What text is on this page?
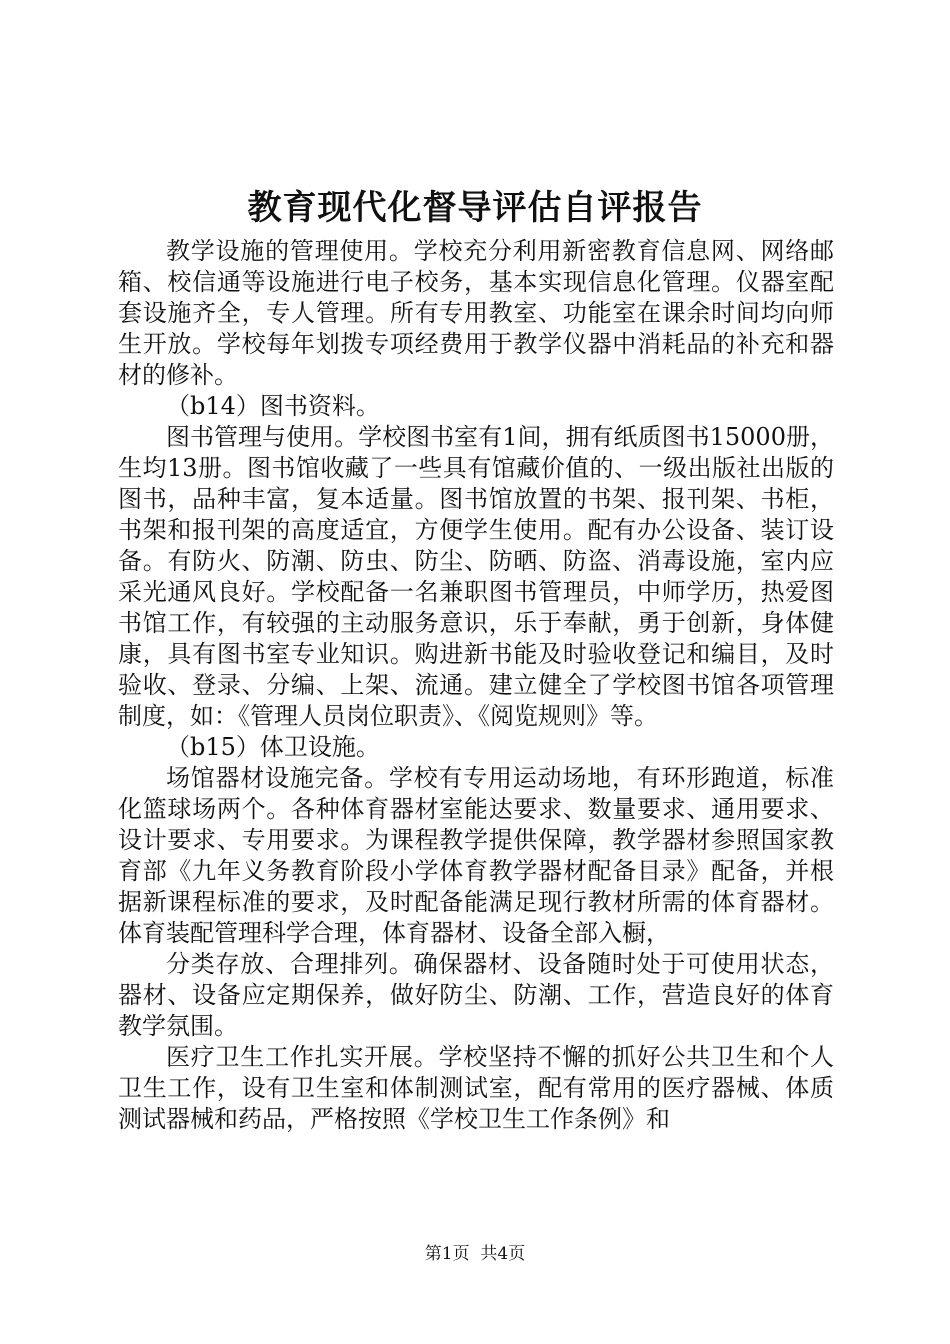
教育现代化督导评估自评报告

教学设施的管理使用。学校充分利用新密教育信息网、网络邮箱、校信通等设施进行电子校务，基本实现信息化管理。仪器室配套设施齐全，专人管理。所有专用教室、功能室在课余时间均向师生开放。学校每年划拨专项经费用于教学仪器中消耗品的补充和器材的修补。

（b14）图书资料。

图书管理与使用。学校图书室有1间，拥有纸质图书15000册，生均13册。图书馆收藏了一些具有馆藏价值的、一级出版社出版的图书，品种丰富，复本适量。图书馆放置的书架、报刊架、书柜，书架和报刊架的高度适宜，方便学生使用。配有办公设备、装订设备。有防火、防潮、防虫、防尘、防晒、防盗、消毒设施，室内应采光通风良好。学校配备一名兼职图书管理员，中师学历，热爱图书馆工作，有较强的主动服务意识，乐于奉献，勇于创新，身体健康，具有图书室专业知识。购进新书能及时验收登记和编目，及时验收、登录、分编、上架、流通。建立健全了学校图书馆各项管理制度，如：《管理人员岗位职责》、《阅览规则》等。

（b15）体卫设施。

场馆器材设施完备。学校有专用运动场地，有环形跑道，标准化篮球场两个。各种体育器材室能达要求、数量要求、通用要求、设计要求、专用要求。为课程教学提供保障，教学器材参照国家教育部《九年义务教育阶段小学体育教学器材配备目录》配备，并根据新课程标准的要求，及时配备能满足现行教材所需的体育器材。体育装配管理科学合理，体育器材、设备全部入橱，

分类存放、合理排列。确保器材、设备随时处于可使用状态，器材、设备应定期保养，做好防尘、防潮、工作，营造良好的体育教学氛围。

医疗卫生工作扎实开展。学校坚持不懈的抓好公共卫生和个人卫生工作，设有卫生室和体制测试室，配有常用的医疗器械、体质测试器械和药品，严格按照《学校卫生工作条例》和

第1页 共4页
